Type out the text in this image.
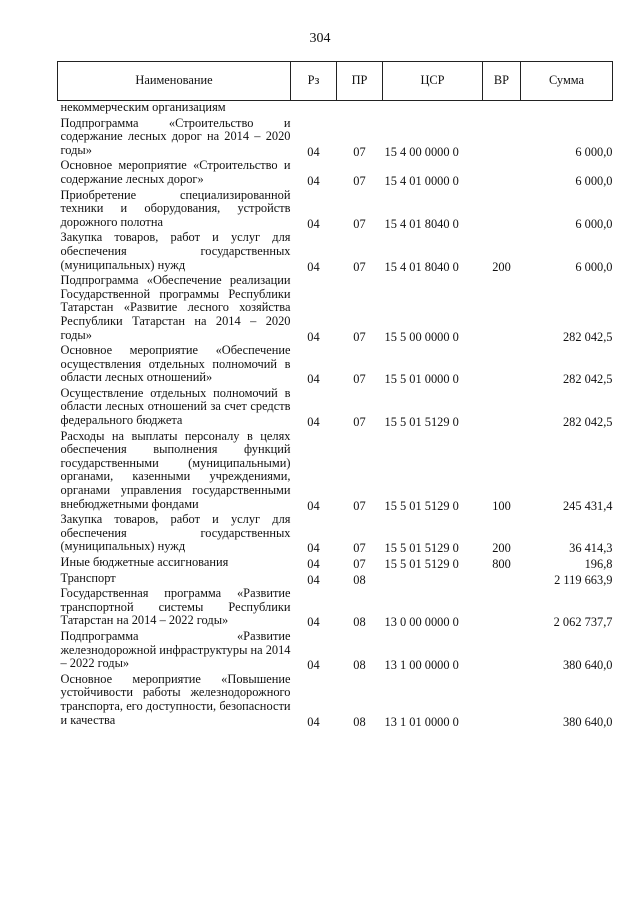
304
Наименование	Рз	ПР	ЦСР	ВР	Сумма
некоммерческим организациям					
Подпрограмма «Строительство и содержание лесных дорог на 2014 – 2020 годы»	04	07	15 4 00 0000 0		6 000,0
Основное мероприятие «Строительство и содержание лесных дорог»	04	07	15 4 01 0000 0		6 000,0
Приобретение специализированной техники и оборудования, устройств дорожного полотна	04	07	15 4 01 8040 0		6 000,0
Закупка товаров, работ и услуг для обеспечения государственных (муниципальных) нужд	04	07	15 4 01 8040 0	200	6 000,0
Подпрограмма «Обеспечение реализации Государственной программы Республики Татарстан «Развитие лесного хозяйства Республики Татарстан на 2014 – 2020 годы»	04	07	15 5 00 0000 0		282 042,5
Основное мероприятие «Обеспечение осуществления отдельных полномочий в области лесных отношений»	04	07	15 5 01 0000 0		282 042,5
Осуществление отдельных полномочий в области лесных отношений за счет средств федерального бюджета	04	07	15 5 01 5129 0		282 042,5
Расходы на выплаты персоналу в целях обеспечения выполнения функций государственными (муниципальными) органами, казенными учреждениями, органами управления государственными внебюджетными фондами	04	07	15 5 01 5129 0	100	245 431,4
Закупка товаров, работ и услуг для обеспечения государственных (муниципальных) нужд	04	07	15 5 01 5129 0	200	36 414,3
Иные бюджетные ассигнования	04	07	15 5 01 5129 0	800	196,8
Транспорт	04	08			2 119 663,9
Государственная программа «Развитие транспортной системы Республики Татарстан на 2014 – 2022 годы»	04	08	13 0 00 0000 0		2 062 737,7
Подпрограмма «Развитие железнодорожной инфраструктуры на 2014 – 2022 годы»	04	08	13 1 00 0000 0		380 640,0
Основное мероприятие «Повышение устойчивости работы железнодорожного транспорта, его доступности, безопасности и качества	04	08	13 1 01 0000 0		380 640,0
